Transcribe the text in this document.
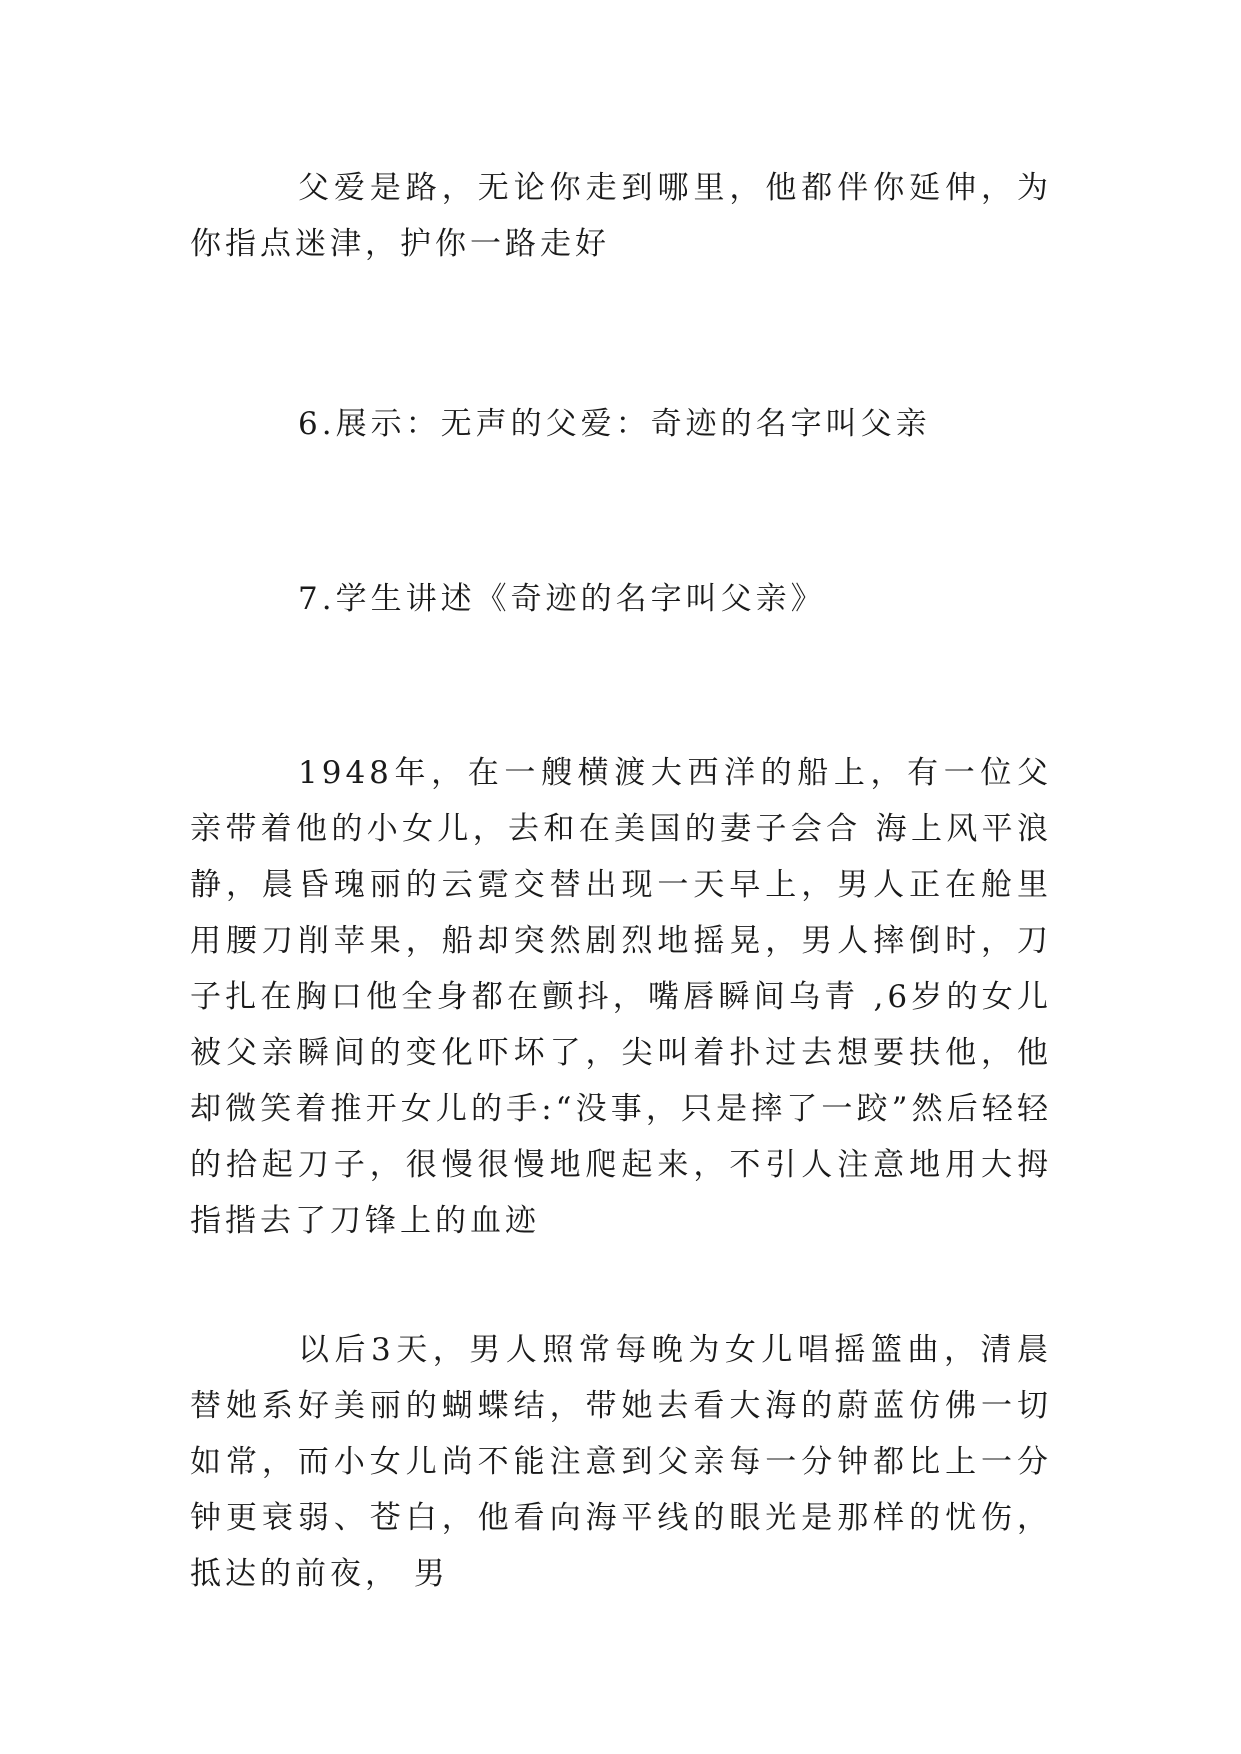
父爱是路，无论你走到哪里，他都伴你延伸，为你指点迷津，护你一路走好

6.展示：无声的父爱：奇迹的名字叫父亲

7.学生讲述《奇迹的名字叫父亲》

1948年，在一艘横渡大西洋的船上，有一位父亲带着他的小女儿，去和在美国的妻子会合 海上风平浪静，晨昏瑰丽的云霓交替出现一天早上，男人正在舱里用腰刀削苹果，船却突然剧烈地摇晃，男人摔倒时，刀子扎在胸口他全身都在颤抖，嘴唇瞬间乌青 ,6岁的女儿被父亲瞬间的变化吓坏了，尖叫着扑过去想要扶他，他却微笑着推开女儿的手:“没事，只是摔了一跤”然后轻轻的拾起刀子，很慢很慢地爬起来，不引人注意地用大拇指揩去了刀锋上的血迹

以后3天，男人照常每晚为女儿唱摇篮曲，清晨替她系好美丽的蝴蝶结，带她去看大海的蔚蓝仿佛一切如常，而小女儿尚不能注意到父亲每一分钟都比上一分钟更衰弱、苍白，他看向海平线的眼光是那样的忧伤，抵达的前夜， 男
